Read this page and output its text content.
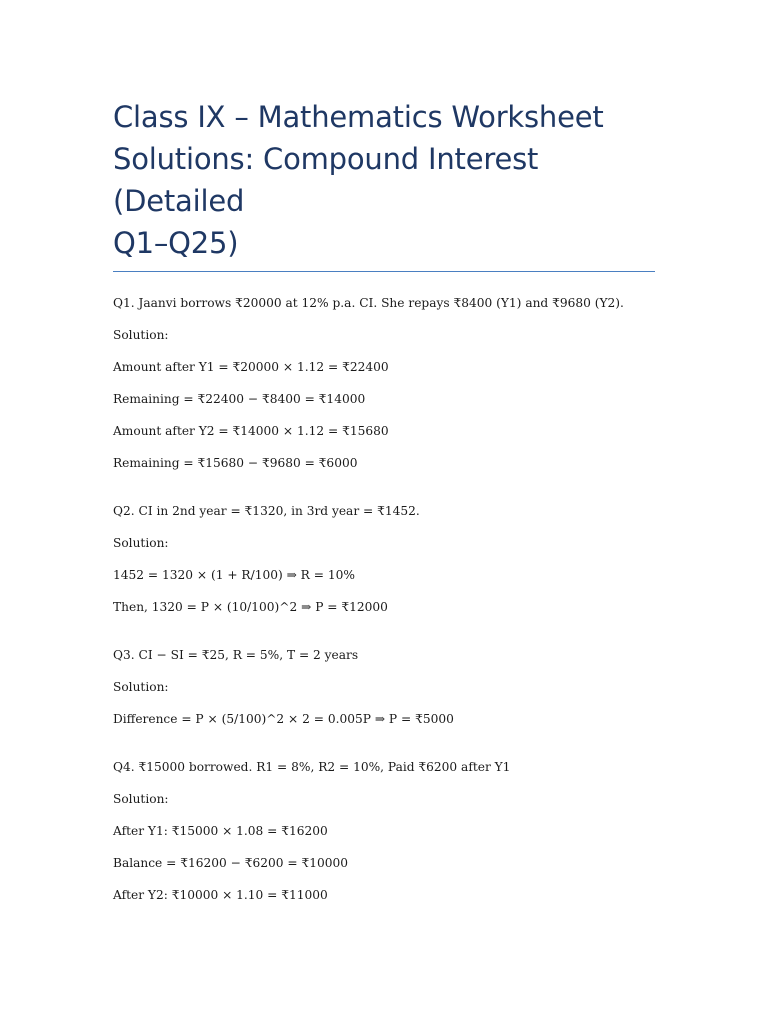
Class IX – Mathematics Worksheet
Solutions: Compound Interest (Detailed
Q1–Q25)

Q1. Jaanvi borrows ₹20000 at 12% p.a. CI. She repays ₹8400 (Y1) and ₹9680 (Y2).

Solution:

Amount after Y1 = ₹20000 × 1.12 = ₹22400

Remaining = ₹22400 − ₹8400 = ₹14000

Amount after Y2 = ₹14000 × 1.12 = ₹15680

Remaining = ₹15680 − ₹9680 = ₹6000

Q2. CI in 2nd year = ₹1320, in 3rd year = ₹1452.

Solution:

1452 = 1320 × (1 + R/100) ⇒ R = 10%

Then, 1320 = P × (10/100)^2 ⇒ P = ₹12000

Q3. CI − SI = ₹25, R = 5%, T = 2 years

Solution:

Difference = P × (5/100)^2 × 2 = 0.005P ⇒ P = ₹5000

Q4. ₹15000 borrowed. R1 = 8%, R2 = 10%, Paid ₹6200 after Y1

Solution:

After Y1: ₹15000 × 1.08 = ₹16200

Balance = ₹16200 − ₹6200 = ₹10000

After Y2: ₹10000 × 1.10 = ₹11000
